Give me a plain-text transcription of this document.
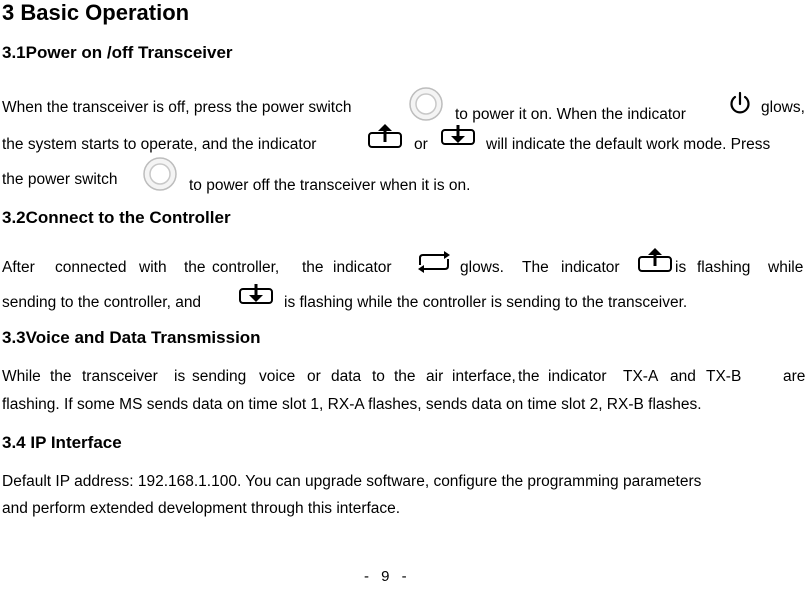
3 Basic Operation
3.1Power on /off Transceiver
When the transceiver is off, press the power switch	to power it on. When the indicator	glows,
the system starts to operate, and the indicator	or	will indicate the default work mode. Press
the power switch	to power off the transceiver when it is on.
3.2Connect to the Controller
After connected with the controller, the indicator	glows. The indicator	is flashing while
sending to the controller, and	is flashing while the controller is sending to the transceiver.
3.3Voice and Data Transmission
While the transceiver is sending voice or data to the air interface, the indicator TX-A and TX-B	are
flashing. If some MS sends data on time slot 1, RX-A flashes, sends data on time slot 2, RX-B flashes.
3.4 IP Interface
Default IP address: 192.168.1.100. You can upgrade software, configure the programming parameters
and perform extended development through this interface.
- 9 -
